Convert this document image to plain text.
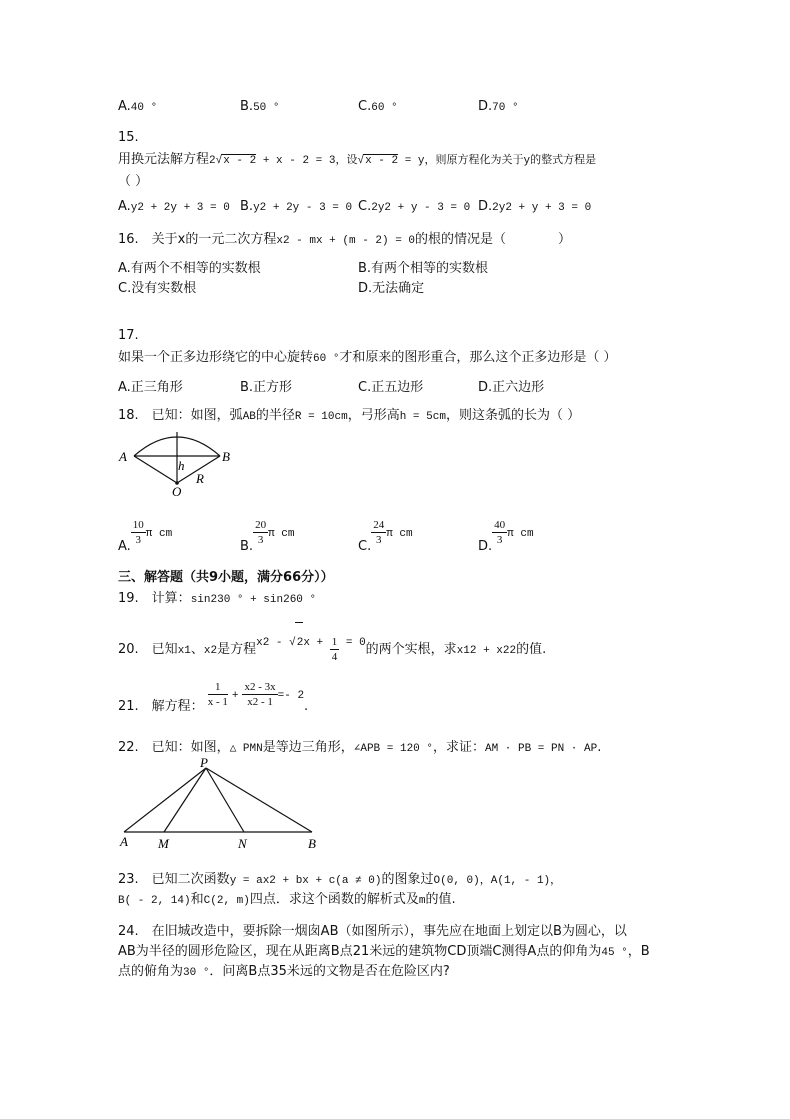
A.40 °	B.50 °	C.60 °	D.70 °
15.
用换元法解方程2√x - 2 + x - 2 = 3，设√x - 2 = y，则原方程化为关于y的整式方程是
（ ）
A.y2 + 2y + 3 = 0 B.y2 + 2y - 3 = 0 C.2y2 + y - 3 = 0 D.2y2 + y + 3 = 0
16.　关于x的一元二次方程x2 - mx + (m - 2) = 0的根的情况是（　　　　）
A.有两个不相等的实数根	B.有两个相等的实数根
C.没有实数根	D.无法确定
17.
如果一个正多边形绕它的中心旋转60 °才和原来的图形重合，那么这个正多边形是（ ）
A.正三角形	B.正方形	C.正五边形	D.正六边形
18.　已知：如图，弧AB的半径R = 10cm，弓形高h = 5cm，则这条弧的长为（ ）
A	B
h
R
O
A. $\frac{10}{3}$ π cm
B. $\frac{20}{3}$ π cm
C. $\frac{24}{3}$ π cm
D. $\frac{40}{3}$ π cm
三、解答题（共9小题，满分66分））
19.　计算：sin230 ° + sin260 °
20.　已知x1、x2是方程$^{x2 - √2x +} \frac{1}{4} ^{= 0}$的两个实根，求x12 + x22的值.
21.　解方程： $\frac{1}{x - 1} + \frac{x2 - 3x}{x2 - 1} =- 2$.
22.　已知：如图，△ PMN是等边三角形，∠APB = 120 °，求证：AM · PB = PN · AP.
P
A M	N	B
23.　已知二次函数y = ax2 + bx + c(a ≠ 0)的图象过O(0, 0)，A(1, - 1)，
B( - 2, 14)和C(2, m)四点．求这个函数的解析式及m的值.
24.　在旧城改造中，要拆除一烟囱AB（如图所示），事先应在地面上划定以B为圆心，以
AB为半径的圆形危险区，现在从距离B点21米远的建筑物CD顶端C测得A点的仰角为45 °，B
点的俯角为30 °．问离B点35米远的文物是否在危险区内?
